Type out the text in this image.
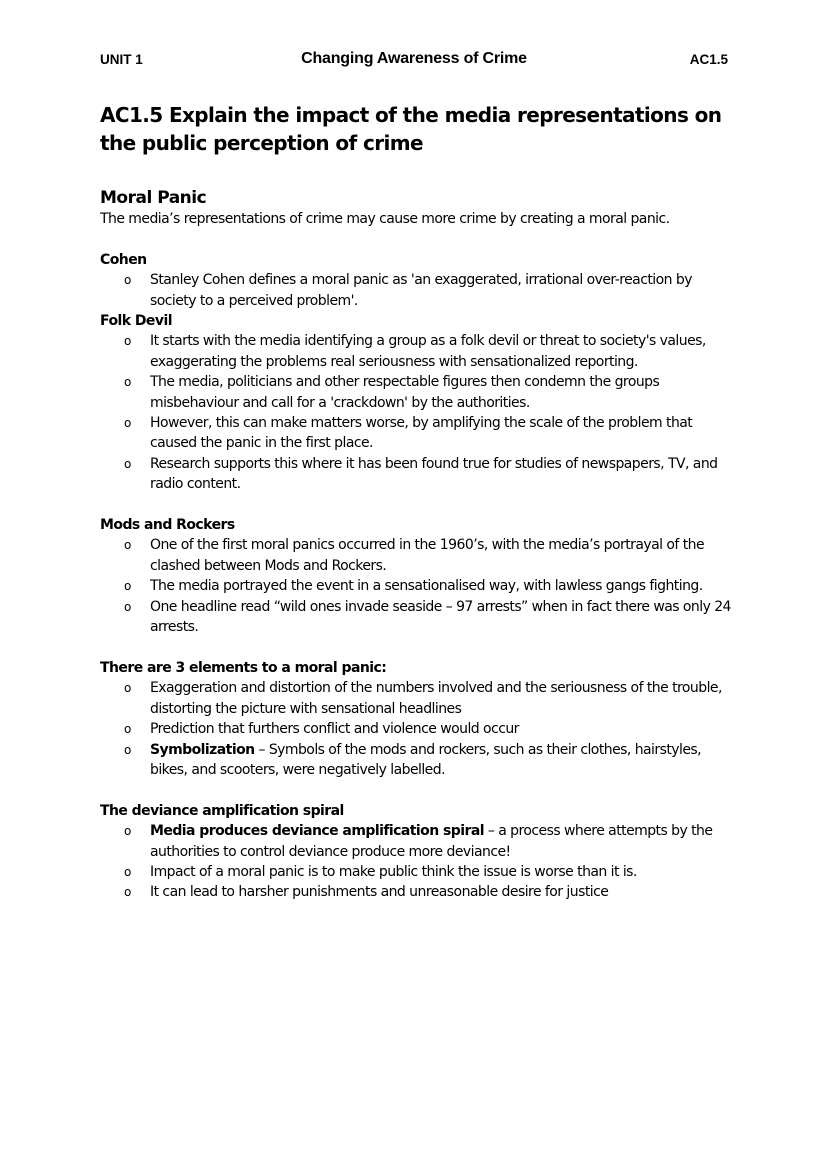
UNIT 1	Changing Awareness of Crime	AC1.5
AC1.5 Explain the impact of the media representations on the public perception of crime
Moral Panic

The media’s representations of crime may cause more crime by creating a moral panic.

Cohen

o Stanley Cohen defines a moral panic as 'an exaggerated, irrational over-reaction by society to a perceived problem'.

Folk Devil

o It starts with the media identifying a group as a folk devil or threat to society's values, exaggerating the problems real seriousness with sensationalized reporting.
o The media, politicians and other respectable figures then condemn the groups misbehaviour and call for a 'crackdown' by the authorities.
o However, this can make matters worse, by amplifying the scale of the problem that caused the panic in the first place.
o Research supports this where it has been found true for studies of newspapers, TV, and radio content.

Mods and Rockers

o One of the first moral panics occurred in the 1960’s, with the media’s portrayal of the clashed between Mods and Rockers.
o The media portrayed the event in a sensationalised way, with lawless gangs fighting.
o One headline read “wild ones invade seaside – 97 arrests” when in fact there was only 24 arrests.

There are 3 elements to a moral panic:

o Exaggeration and distortion of the numbers involved and the seriousness of the trouble, distorting the picture with sensational headlines
o Prediction that furthers conflict and violence would occur
o Symbolization – Symbols of the mods and rockers, such as their clothes, hairstyles, bikes, and scooters, were negatively labelled.

The deviance amplification spiral

o Media produces deviance amplification spiral – a process where attempts by the authorities to control deviance produce more deviance!
o Impact of a moral panic is to make public think the issue is worse than it is.
o It can lead to harsher punishments and unreasonable desire for justice
